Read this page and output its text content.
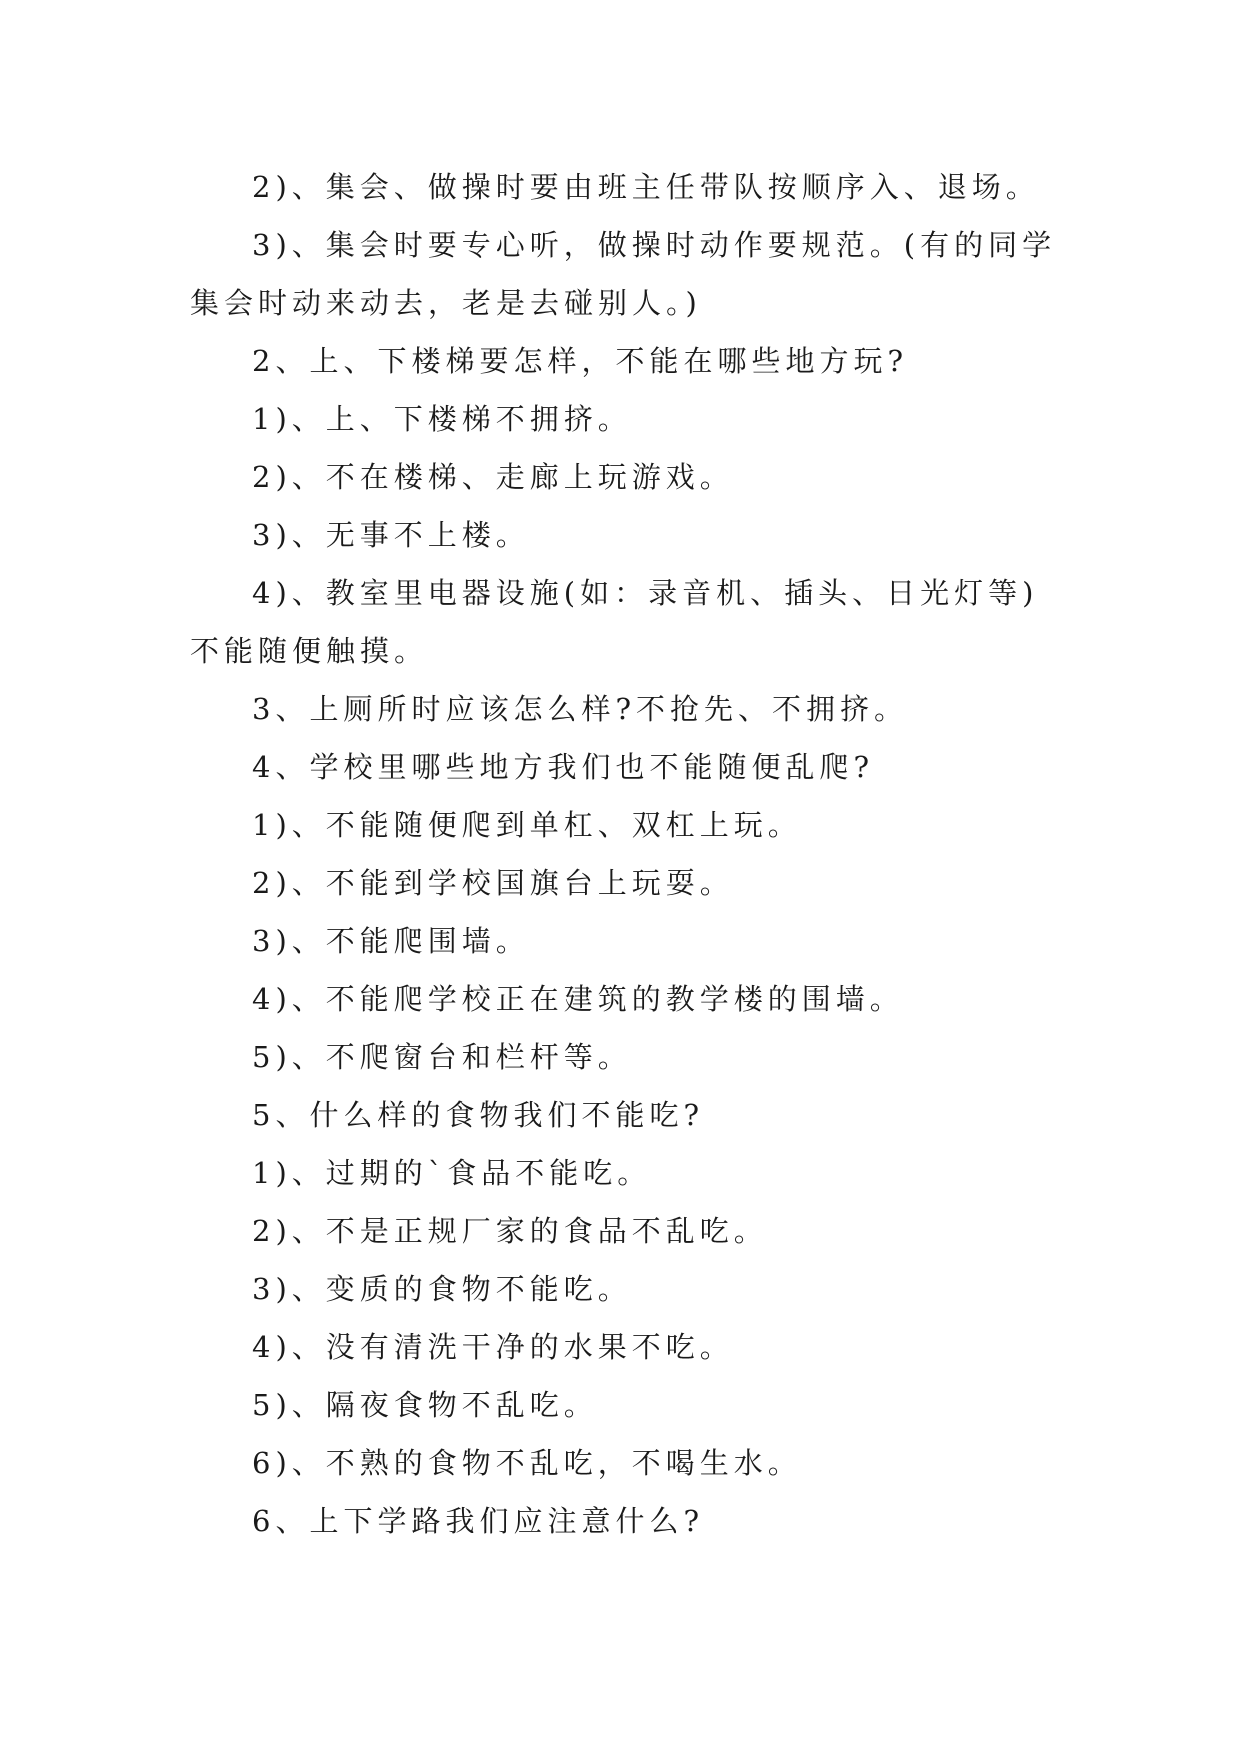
2)、集会、做操时要由班主任带队按顺序入、退场。

3)、集会时要专心听，做操时动作要规范。(有的同学集会时动来动去，老是去碰别人。)

2、上、下楼梯要怎样，不能在哪些地方玩?

1)、上、下楼梯不拥挤。

2)、不在楼梯、走廊上玩游戏。

3)、无事不上楼。

4)、教室里电器设施(如：录音机、插头、日光灯等)不能随便触摸。

3、上厕所时应该怎么样?不抢先、不拥挤。

4、学校里哪些地方我们也不能随便乱爬?

1)、不能随便爬到单杠、双杠上玩。

2)、不能到学校国旗台上玩耍。

3)、不能爬围墙。

4)、不能爬学校正在建筑的教学楼的围墙。

5)、不爬窗台和栏杆等。

5、什么样的食物我们不能吃?

1)、过期的`食品不能吃。

2)、不是正规厂家的食品不乱吃。

3)、变质的食物不能吃。

4)、没有清洗干净的水果不吃。

5)、隔夜食物不乱吃。

6)、不熟的食物不乱吃，不喝生水。

6、上下学路我们应注意什么?
